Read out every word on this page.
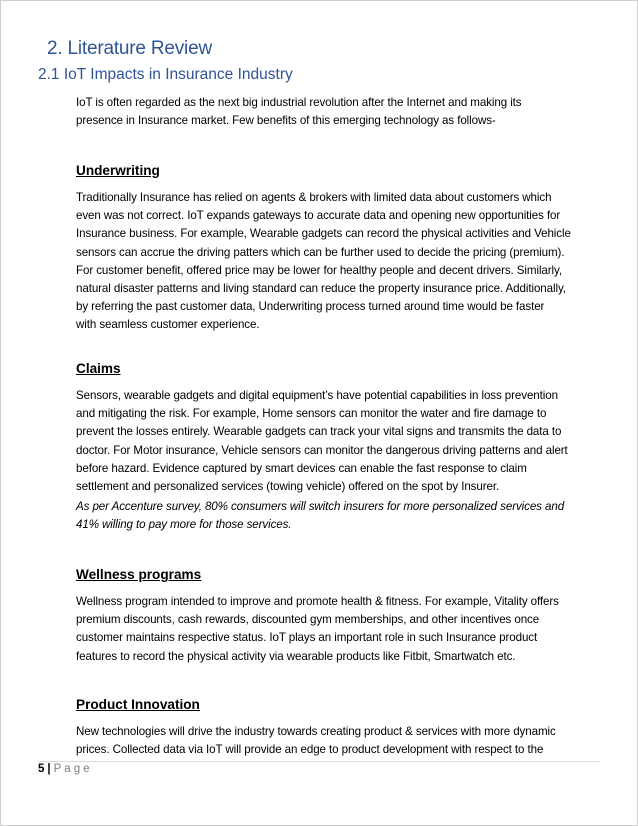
2. Literature Review
2.1 IoT Impacts in Insurance Industry

IoT is often regarded as the next big industrial revolution after the Internet and making its
presence in Insurance market. Few benefits of this emerging technology as follows-

Underwriting

Traditionally Insurance has relied on agents & brokers with limited data about customers which
even was not correct. IoT expands gateways to accurate data and opening new opportunities for
Insurance business. For example, Wearable gadgets can record the physical activities and Vehicle
sensors can accrue the driving patters which can be further used to decide the pricing (premium).
For customer benefit, offered price may be lower for healthy people and decent drivers. Similarly,
natural disaster patterns and living standard can reduce the property insurance price. Additionally,
by referring the past customer data, Underwriting process turned around time would be faster
with seamless customer experience.

Claims

Sensors, wearable gadgets and digital equipment’s have potential capabilities in loss prevention
and mitigating the risk. For example, Home sensors can monitor the water and fire damage to
prevent the losses entirely. Wearable gadgets can track your vital signs and transmits the data to
doctor. For Motor insurance, Vehicle sensors can monitor the dangerous driving patterns and alert
before hazard. Evidence captured by smart devices can enable the fast response to claim
settlement and personalized services (towing vehicle) offered on the spot by Insurer.

As per Accenture survey, 80% consumers will switch insurers for more personalized services and
41% willing to pay more for those services.

Wellness programs

Wellness program intended to improve and promote health & fitness. For example, Vitality offers
premium discounts, cash rewards, discounted gym memberships, and other incentives once
customer maintains respective status. IoT plays an important role in such Insurance product
features to record the physical activity via wearable products like Fitbit, Smartwatch etc.

Product Innovation

New technologies will drive the industry towards creating product & services with more dynamic
prices. Collected data via IoT will provide an edge to product development with respect to the

5 | Page
